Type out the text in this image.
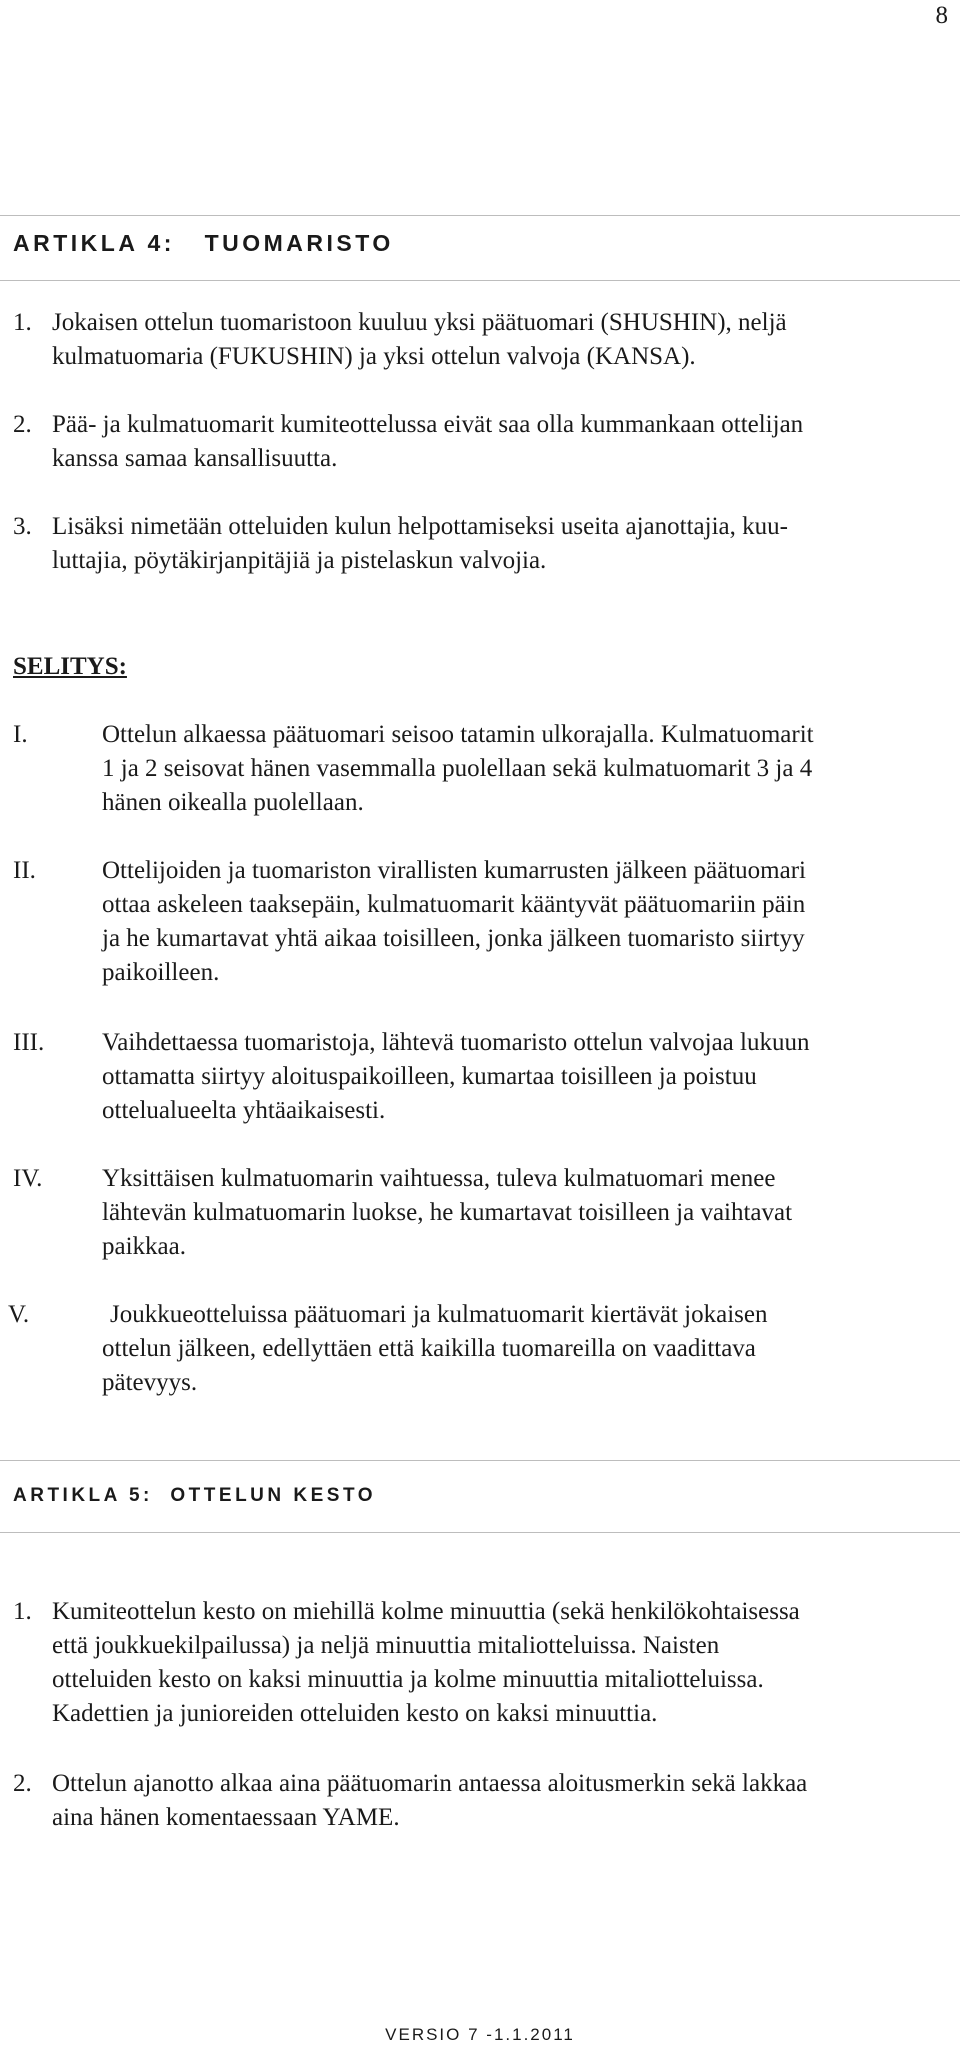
8
ARTIKLA 4:   TUOMARISTO
1. Jokaisen ottelun tuomaristoon kuuluu yksi päätuomari (SHUSHIN), neljä
kulmatuomaria (FUKUSHIN) ja yksi ottelun valvoja (KANSA).
2. Pää- ja kulmatuomarit kumiteottelussa eivät saa olla kummankaan ottelijan
kanssa samaa kansallisuutta.
3. Lisäksi nimetään otteluiden kulun helpottamiseksi useita ajanottajia, kuu-
luttajia, pöytäkirjanpitäjiä ja pistelaskun valvojia.
SELITYS:
I.	Ottelun alkaessa päätuomari seisoo tatamin ulkorajalla. Kulmatuomarit
1 ja 2 seisovat hänen vasemmalla puolellaan sekä kulmatuomarit 3 ja 4
hänen oikealla puolellaan.
II.	Ottelijoiden ja tuomariston virallisten kumarrusten jälkeen päätuomari
ottaa askeleen taaksepäin, kulmatuomarit kääntyvät päätuomariin päin
ja he kumartavat yhtä aikaa toisilleen, jonka jälkeen tuomaristo siirtyy
paikoilleen.
III. Vaihdettaessa tuomaristoja, lähtevä tuomaristo ottelun valvojaa lukuun
ottamatta siirtyy aloituspaikoilleen, kumartaa toisilleen ja poistuu
ottelualueelta yhtäaikaisesti.
IV. Yksittäisen kulmatuomarin vaihtuessa, tuleva kulmatuomari menee
lähtevän kulmatuomarin luokse, he kumartavat toisilleen ja vaihtavat
paikkaa.
V.	Joukkueotteluissa päätuomari ja kulmatuomarit kiertävät jokaisen
ottelun jälkeen, edellyttäen että kaikilla tuomareilla on vaadittava
pätevyys.
ARTIKLA 5:  OTTELUN KESTO
1. Kumiteottelun kesto on miehillä kolme minuuttia (sekä henkilökohtaisessa
että joukkuekilpailussa) ja neljä minuuttia mitaliotteluissa. Naisten
otteluiden kesto on kaksi minuuttia ja kolme minuuttia mitaliotteluissa.
Kadettien ja junioreiden otteluiden kesto on kaksi minuuttia.
2. Ottelun ajanotto alkaa aina päätuomarin antaessa aloitusmerkin sekä lakkaa
aina hänen komentaessaan YAME.
VERSIO 7 -1.1.2011
